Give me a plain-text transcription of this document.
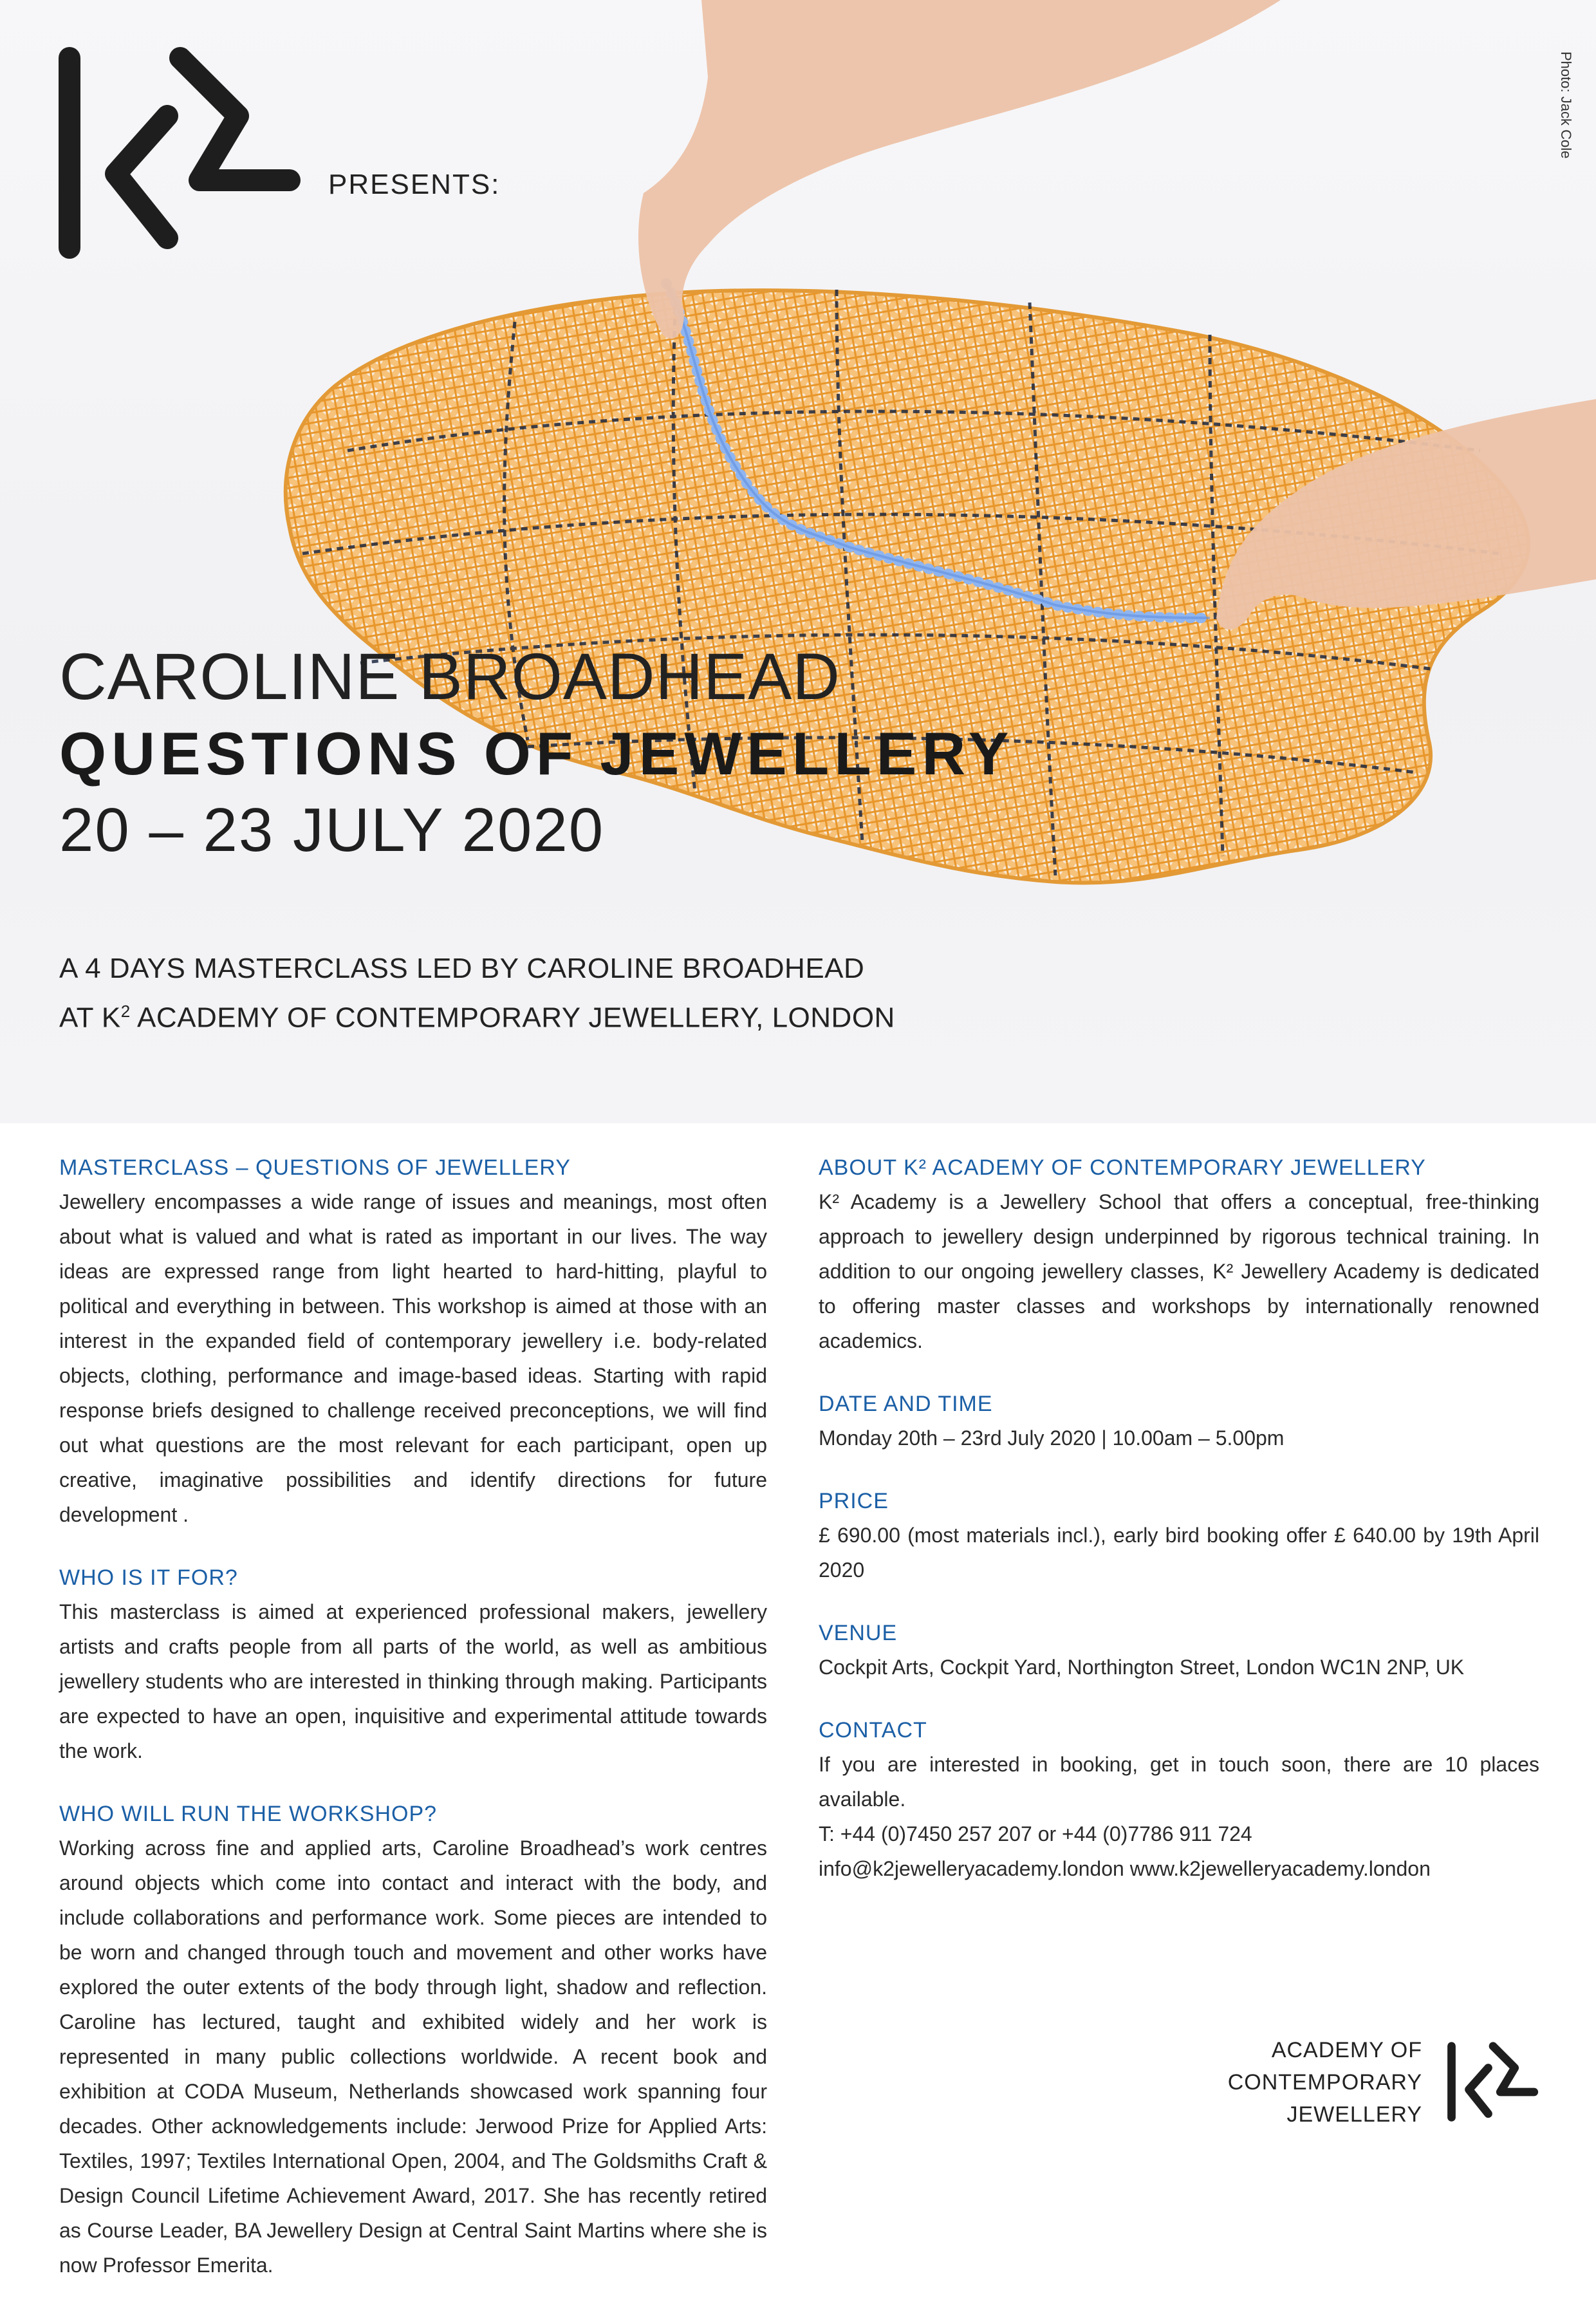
PRESENTS:
Photo: Jack Cole
CAROLINE BROADHEAD
QUESTIONS OF JEWELLERY
20 – 23 JULY 2020
A 4 DAYS MASTERCLASS LED BY CAROLINE BROADHEAD
AT $K^2$ ACADEMY OF CONTEMPORARY JEWELLERY, LONDON
MASTERCLASS – QUESTIONS OF JEWELLERY

Jewellery encompasses a wide range of issues and meanings, most often about what is valued and what is rated as important in our lives. The way ideas are expressed range from light hearted to hard-hitting, playful to political and everything in between. This workshop is aimed at those with an interest in the expanded field of contemporary jewellery i.e. body-related objects, clothing, performance and image-based ideas. Starting with rapid response briefs designed to challenge received preconceptions, we will find out what questions are the most relevant for each participant, open up creative, imaginative possibilities and identify directions for future development .

WHO IS IT FOR?

This masterclass is aimed at experienced professional makers, jewellery artists and crafts people from all parts of the world, as well as ambitious jewellery students who are interested in thinking through making. Participants are expected to have an open, inquisitive and experimental attitude towards the work.

WHO WILL RUN THE WORKSHOP?

Working across fine and applied arts, Caroline Broadhead’s work centres around objects which come into contact and interact with the body, and include collaborations and performance work. Some pieces are intended to be worn and changed through touch and movement and other works have explored the outer extents of the body through light, shadow and reflection. Caroline has lectured, taught and exhibited widely and her work is represented in many public collections worldwide. A recent book and exhibition at CODA Museum, Netherlands showcased work spanning four decades. Other acknowledgements include: Jerwood Prize for Applied Arts: Textiles, 1997; Textiles International Open, 2004, and The Goldsmiths Craft & Design Council Lifetime Achievement Award, 2017. She has recently retired as Course Leader, BA Jewellery Design at Central Saint Martins where she is now Professor Emerita.

ABOUT K² ACADEMY OF CONTEMPORARY JEWELLERY

K² Academy is a Jewellery School that offers a conceptual, free-thinking approach to jewellery design underpinned by rigorous technical training. In addition to our ongoing jewellery classes, K² Jewellery Academy is dedicated to offering master classes and workshops by internationally renowned academics.

DATE AND TIME

Monday 20th – 23rd July 2020 | 10.00am – 5.00pm

PRICE

£ 690.00 (most materials incl.), early bird booking offer £ 640.00 by 19th April 2020

VENUE

Cockpit Arts, Cockpit Yard, Northington Street, London WC1N 2NP, UK

CONTACT

If you are interested in booking, get in touch soon, there are 10 places available.

T: +44 (0)7450 257 207 or +44 (0)7786 911 724

info@k2jewelleryacademy.london www.k2jewelleryacademy.london

ACADEMY OF
CONTEMPORARY
JEWELLERY
